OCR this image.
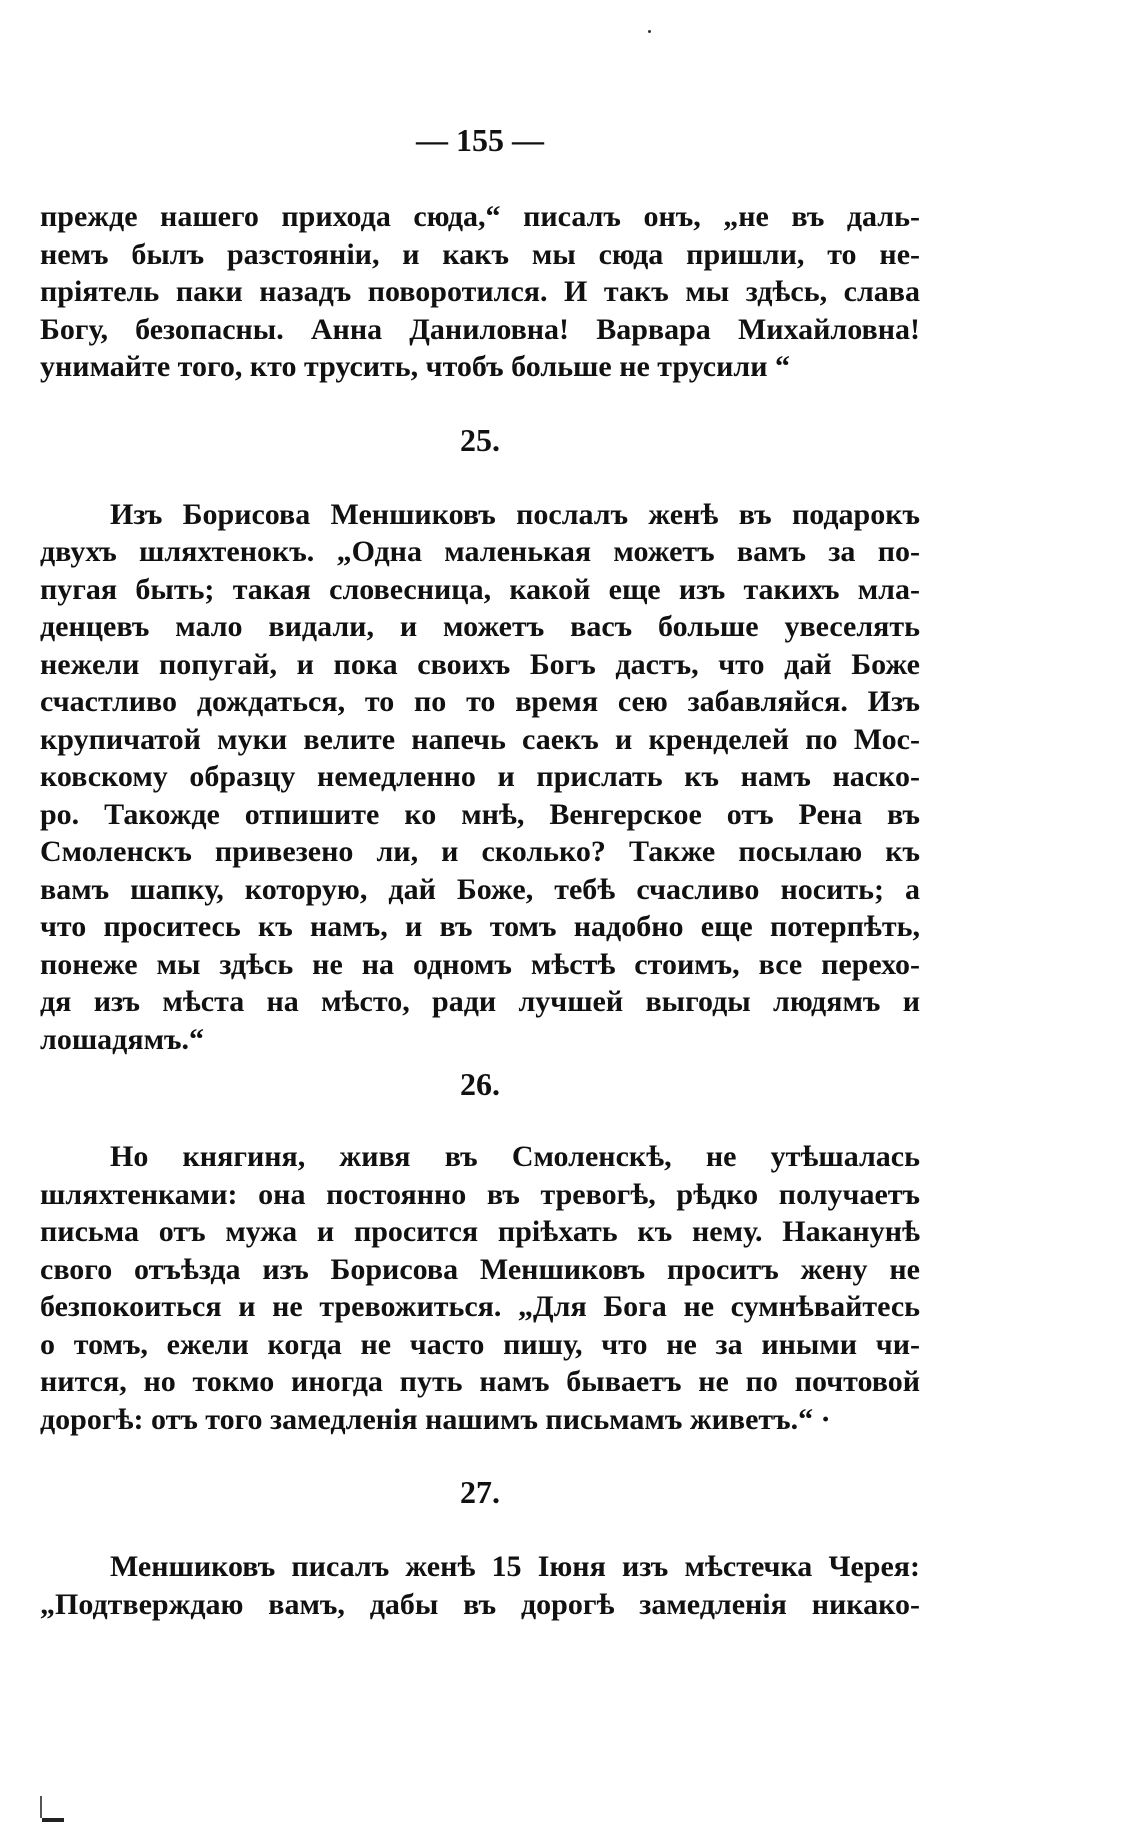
— 155 —
прежде нашего прихода сюда,“ писалъ онъ, „не въ даль-
немъ былъ разстояніи, и какъ мы сюда пришли, то не-
пріятель паки назадъ поворотился. И такъ мы здѣсь, слава
Богу, безопасны. Анна Даниловна! Варвара Михайловна!
унимайте того, кто трусить, чтобъ больше не трусили “
25.
Изъ Борисова Меншиковъ послалъ женѣ въ подарокъ
двухъ шляхтенокъ. „Одна маленькая можетъ вамъ за по-
пугая быть; такая словесница, какой еще изъ такихъ мла-
денцевъ мало видали, и можетъ васъ больше увеселять
нежели попугай, и пока своихъ Богъ дастъ, что дай Боже
счастливо дождаться, то по то время сею забавляйся. Изъ
крупичатой муки велите напечь саекъ и кренделей по Мос-
ковскому образцу немедленно и прислать къ намъ наско-
ро. Такожде отпишите ко мнѣ, Венгерское отъ Рена въ
Смоленскъ привезено ли, и сколько? Также посылаю къ
вамъ шапку, которую, дай Боже, тебѣ счасливо носить; а
что проситесь къ намъ, и въ томъ надобно еще потерпѣть,
понеже мы здѣсь не на одномъ мѣстѣ стоимъ, все перехо-
дя изъ мѣста на мѣсто, ради лучшей выгоды людямъ и
лошадямъ.“
26.
Но княгиня, живя въ Смоленскѣ, не утѣшалась
шляхтенками: она постоянно въ тревогѣ, рѣдко получаетъ
письма отъ мужа и просится пріѣхать къ нему. Наканунѣ
свого отъѣзда изъ Борисова Меншиковъ проситъ жену не
безпокоиться и не тревожиться. „Для Бога не сумнѣвайтесь
о томъ, ежели когда не часто пишу, что не за иными чи-
нится, но токмо иногда путь намъ бываетъ не по почтовой
дорогѣ: отъ того замедленія нашимъ письмамъ живетъ.“ ·
27.
Меншиковъ писалъ женѣ 15 Іюня изъ мѣстечка Черея:
„Подтверждаю вамъ, дабы въ дорогѣ замедленія никако-
